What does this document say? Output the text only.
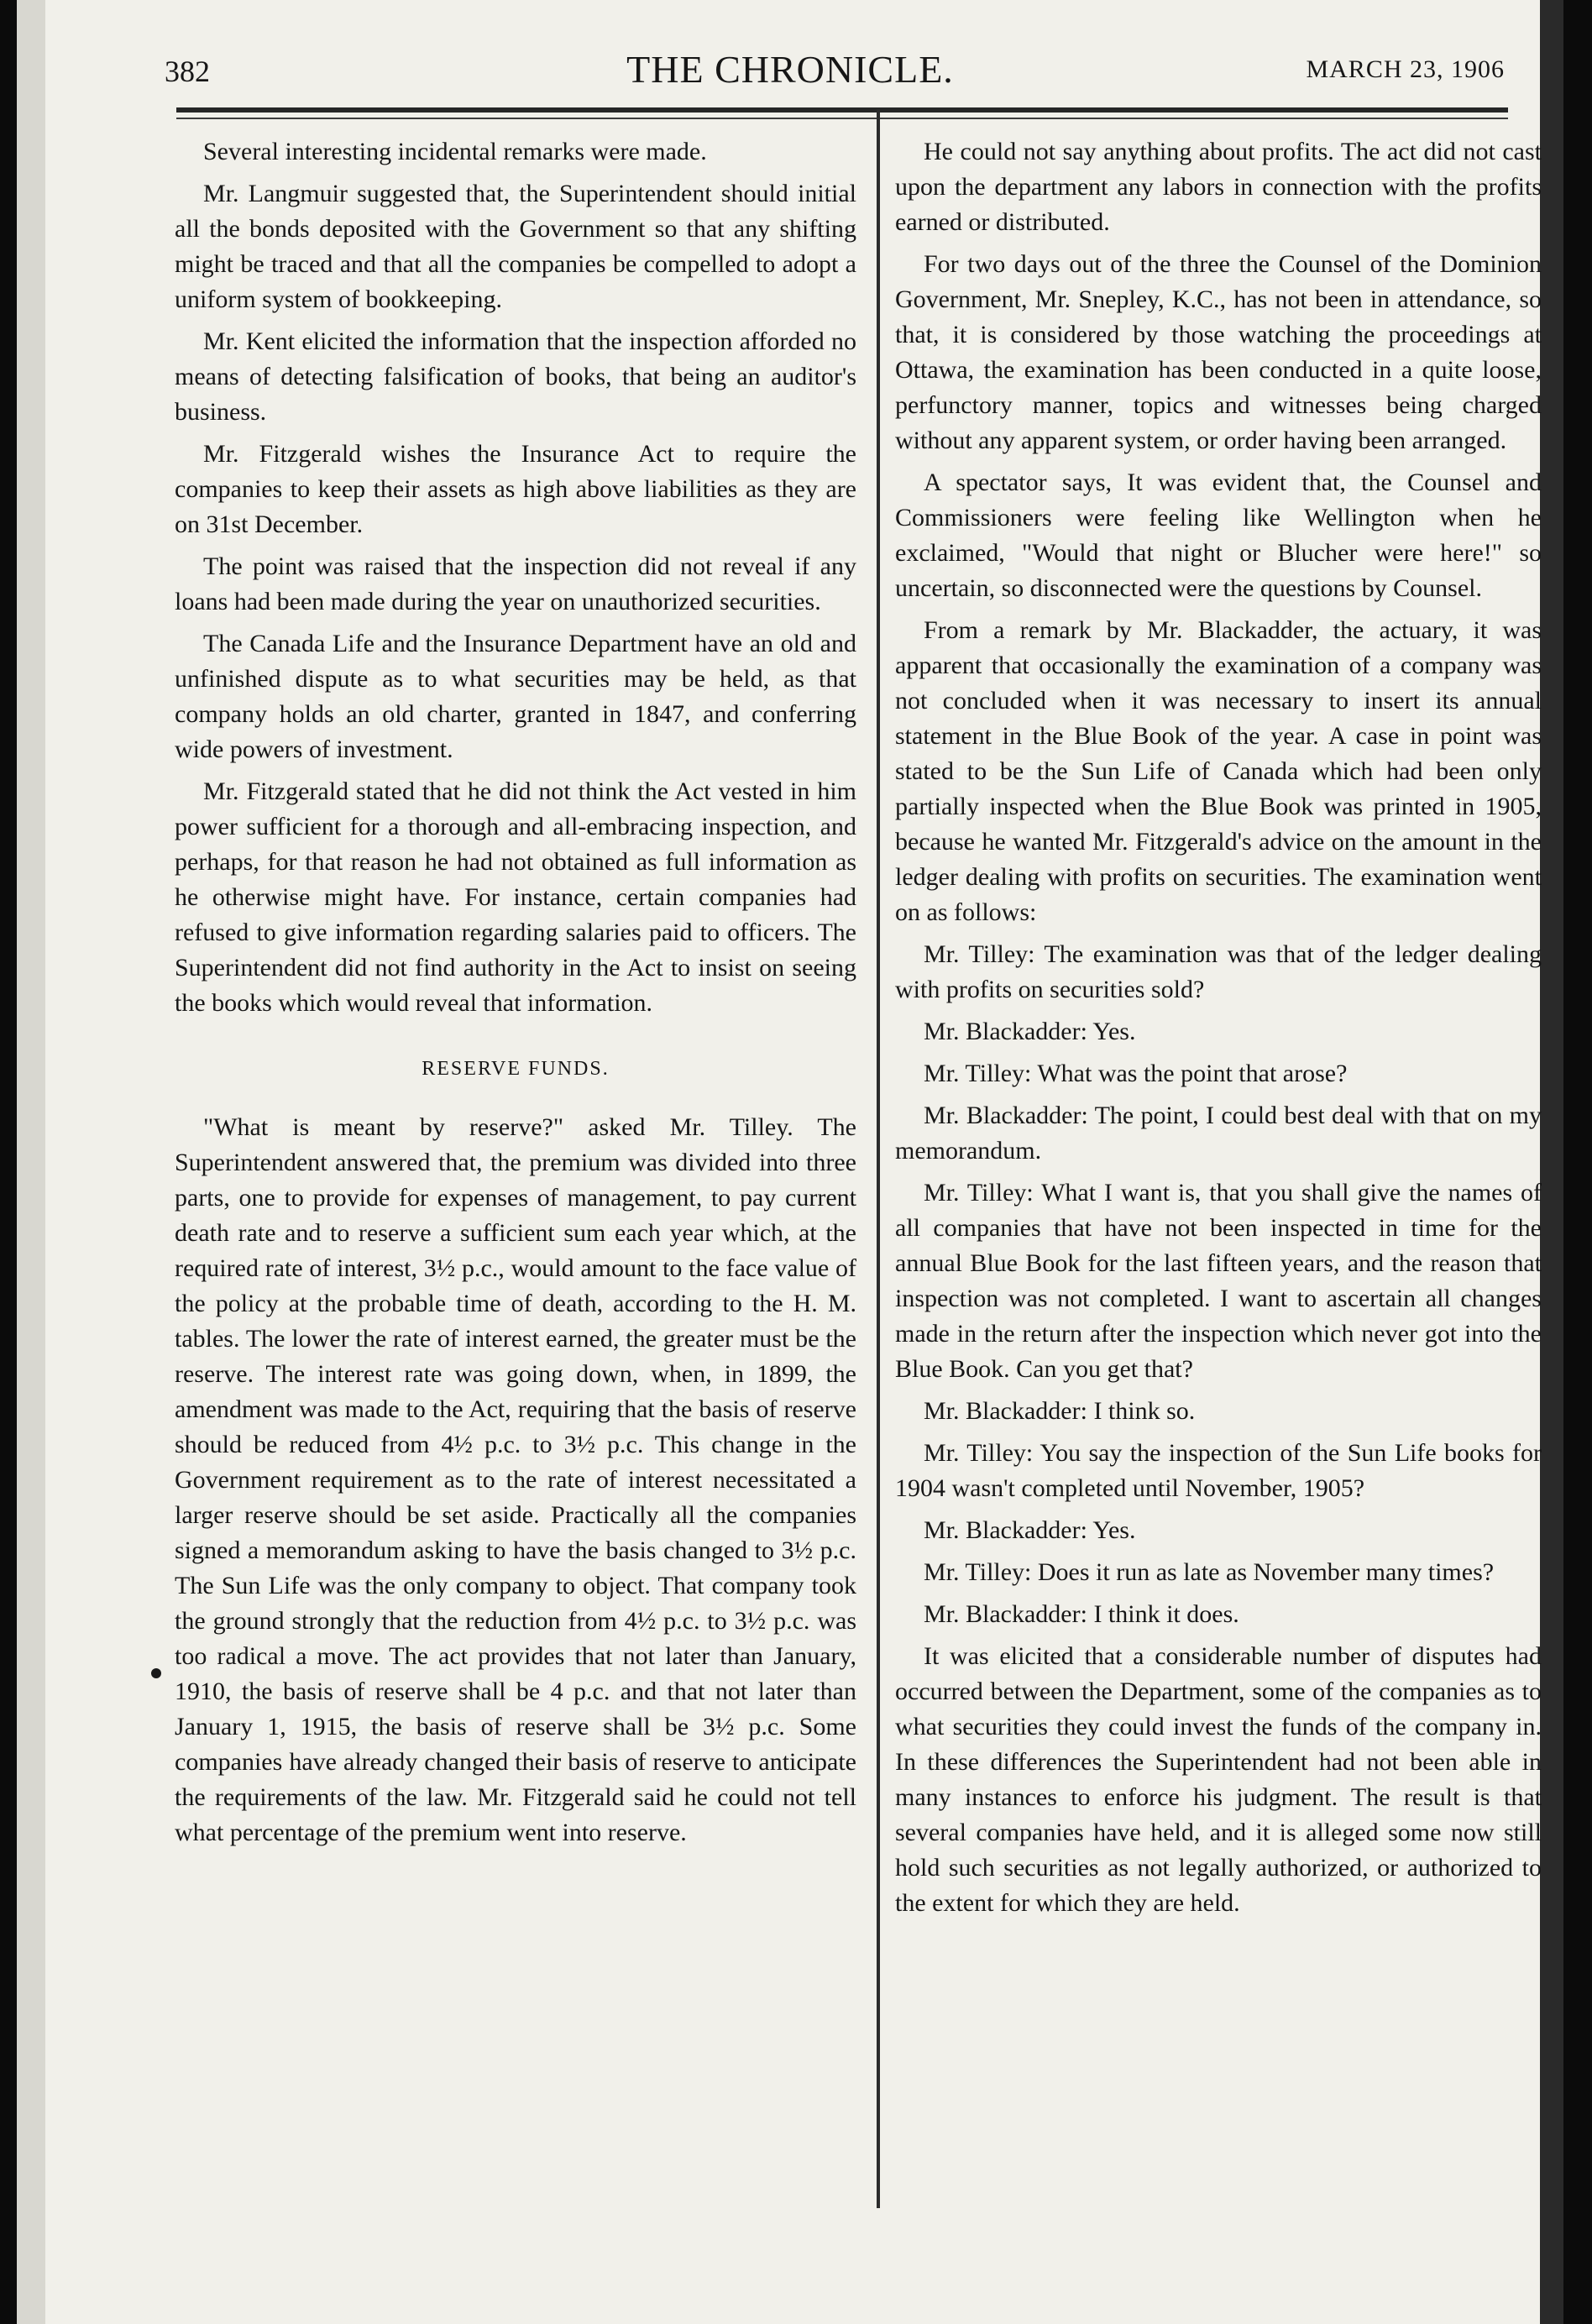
382	THE CHRONICLE.	MARCH 23, 1906

Several interesting incidental remarks were made.

Mr. Langmuir suggested that, the Superintendent should initial all the bonds deposited with the Government so that any shifting might be traced and that all the companies be compelled to adopt a uniform system of bookkeeping.

Mr. Kent elicited the information that the inspection afforded no means of detecting falsification of books, that being an auditor's business.

Mr. Fitzgerald wishes the Insurance Act to require the companies to keep their assets as high above liabilities as they are on 31st December.

The point was raised that the inspection did not reveal if any loans had been made during the year on unauthorized securities.

The Canada Life and the Insurance Department have an old and unfinished dispute as to what securities may be held, as that company holds an old charter, granted in 1847, and conferring wide powers of investment.

Mr. Fitzgerald stated that he did not think the Act vested in him power sufficient for a thorough and all-embracing inspection, and perhaps, for that reason he had not obtained as full information as he otherwise might have. For instance, certain companies had refused to give information regarding salaries paid to officers. The Superintendent did not find authority in the Act to insist on seeing the books which would reveal that information.

RESERVE FUNDS.

"What is meant by reserve?" asked Mr. Tilley. The Superintendent answered that, the premium was divided into three parts, one to provide for expenses of management, to pay current death rate and to reserve a sufficient sum each year which, at the required rate of interest, 3½ p.c., would amount to the face value of the policy at the probable time of death, according to the H. M. tables. The lower the rate of interest earned, the greater must be the reserve. The interest rate was going down, when, in 1899, the amendment was made to the Act, requiring that the basis of reserve should be reduced from 4½ p.c. to 3½ p.c. This change in the Government requirement as to the rate of interest necessitated a larger reserve should be set aside. Practically all the companies signed a memorandum asking to have the basis changed to 3½ p.c. The Sun Life was the only company to object. That company took the ground strongly that the reduction from 4½ p.c. to 3½ p.c. was too radical a move. The act provides that not later than January, 1910, the basis of reserve shall be 4 p.c. and that not later than January 1, 1915, the basis of reserve shall be 3½ p.c. Some companies have already changed their basis of reserve to anticipate the requirements of the law. Mr. Fitzgerald said he could not tell what percentage of the premium went into reserve.

He could not say anything about profits. The act did not cast upon the department any labors in connection with the profits earned or distributed.

For two days out of the three the Counsel of the Dominion Government, Mr. Snepley, K.C., has not been in attendance, so that, it is considered by those watching the proceedings at Ottawa, the examination has been conducted in a quite loose, perfunctory manner, topics and witnesses being charged without any apparent system, or order having been arranged.

A spectator says, It was evident that, the Counsel and Commissioners were feeling like Wellington when he exclaimed, "Would that night or Blucher were here!" so uncertain, so disconnected were the questions by Counsel.

From a remark by Mr. Blackadder, the actuary, it was apparent that occasionally the examination of a company was not concluded when it was necessary to insert its annual statement in the Blue Book of the year. A case in point was stated to be the Sun Life of Canada which had been only partially inspected when the Blue Book was printed in 1905, because he wanted Mr. Fitzgerald's advice on the amount in the ledger dealing with profits on securities. The examination went on as follows:

Mr. Tilley: The examination was that of the ledger dealing with profits on securities sold?

Mr. Blackadder: Yes.

Mr. Tilley: What was the point that arose?

Mr. Blackadder: The point, I could best deal with that on my memorandum.

Mr. Tilley: What I want is, that you shall give the names of all companies that have not been inspected in time for the annual Blue Book for the last fifteen years, and the reason that inspection was not completed. I want to ascertain all changes made in the return after the inspection which never got into the Blue Book. Can you get that?

Mr. Blackadder: I think so.

Mr. Tilley: You say the inspection of the Sun Life books for 1904 wasn't completed until November, 1905?

Mr. Blackadder: Yes.

Mr. Tilley: Does it run as late as November many times?

Mr. Blackadder: I think it does.

It was elicited that a considerable number of disputes had occurred between the Department, some of the companies as to what securities they could invest the funds of the company in. In these differences the Superintendent had not been able in many instances to enforce his judgment. The result is that several companies have held, and it is alleged some now still hold such securities as not legally authorized, or authorized to the extent for which they are held.
